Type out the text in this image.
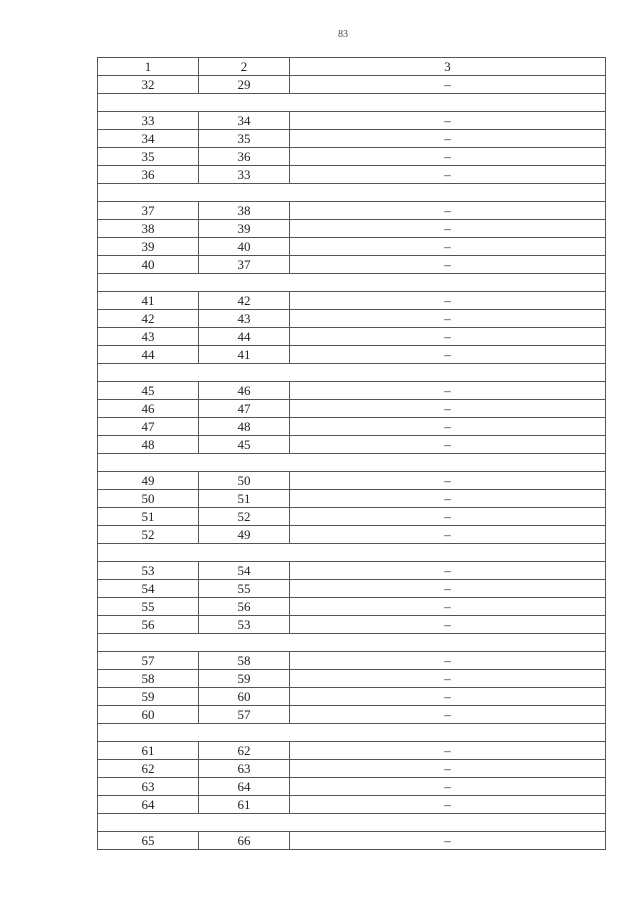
83
1	2	3
32	29	–

33	34	–
34	35	–
35	36	–
36	33	–

37	38	–
38	39	–
39	40	–
40	37	–

41	42	–
42	43	–
43	44	–
44	41	–

45	46	–
46	47	–
47	48	–
48	45	–

49	50	–
50	51	–
51	52	–
52	49	–

53	54	–
54	55	–
55	56	–
56	53	–

57	58	–
58	59	–
59	60	–
60	57	–

61	62	–
62	63	–
63	64	–
64	61	–

65	66	–
